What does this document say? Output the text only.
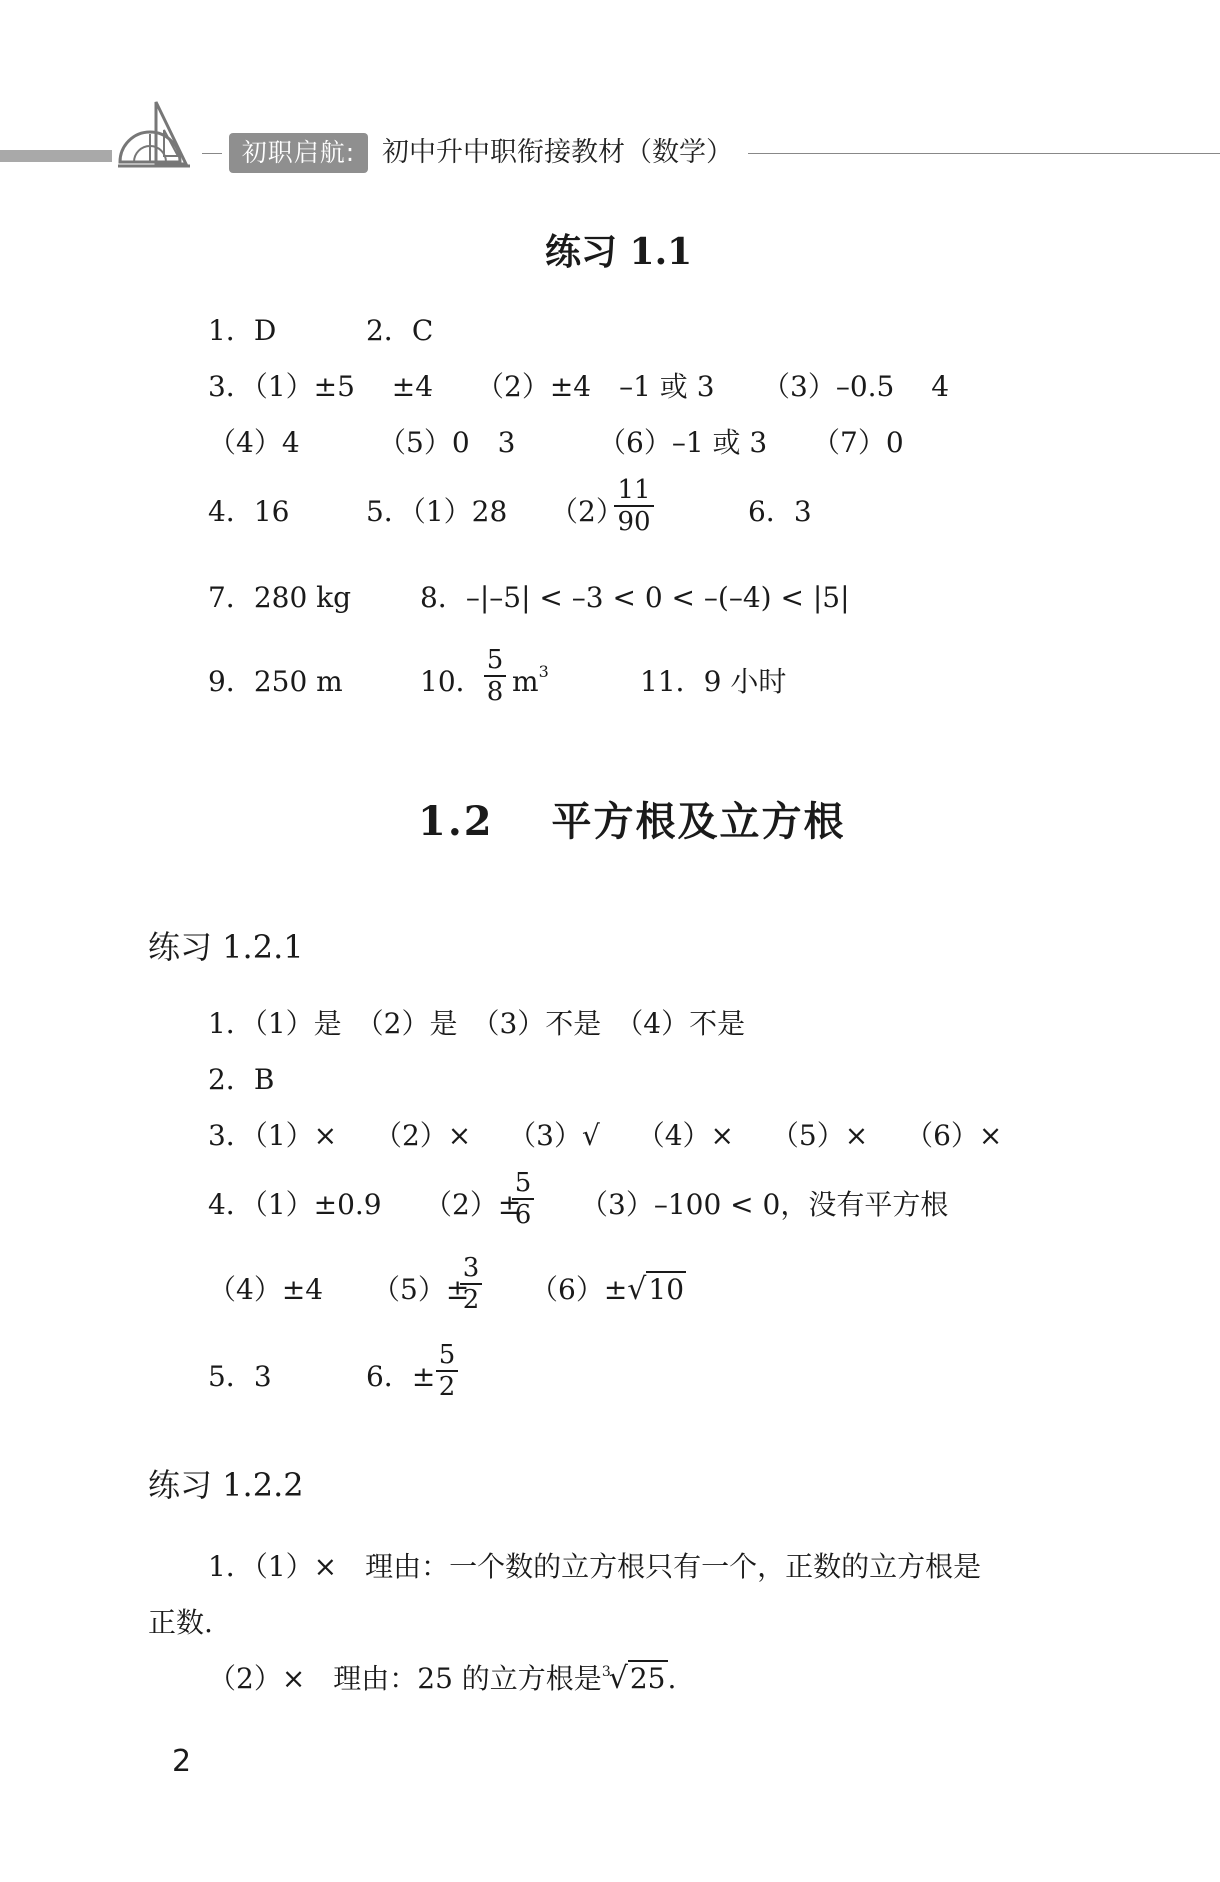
初职启航: 初中升中职衔接教材（数学）
练习 1.1
1．D	2．C
3．（1）±5　 ±4 （2）±4　–1 或 3 （3）–0.5　 4
（4）4	（5）0　3	（6）–1 或 3 （7）0
4．16	5．（1）28 （2）
11
90	6．3
7．280 kg 8．–|–5| < –3 < 0 < –(–4) < |5|
9．250 m	10．
5
8 $m^3$	11．9 小时
1.2　 平方根及立方根
练习 1.2.1
1．（1）是　（2）是　（3）不是　（4）不是
2．B
3．（1）×　 （2）×　 （3）√　 （4）×　 （5）×　 （6）×
4．（1）±0.9 （2）±
5
6 （3）–100 < 0，没有平方根
（4）±4 （5）±
3
2 （6）±√10
5．3	6．±
5
2
练习 1.2.2
1．（1）×　理由：一个数的立方根只有一个，正数的立方根是
正数.
（2）×　理由：25 的立方根是$^3$√25.
2
